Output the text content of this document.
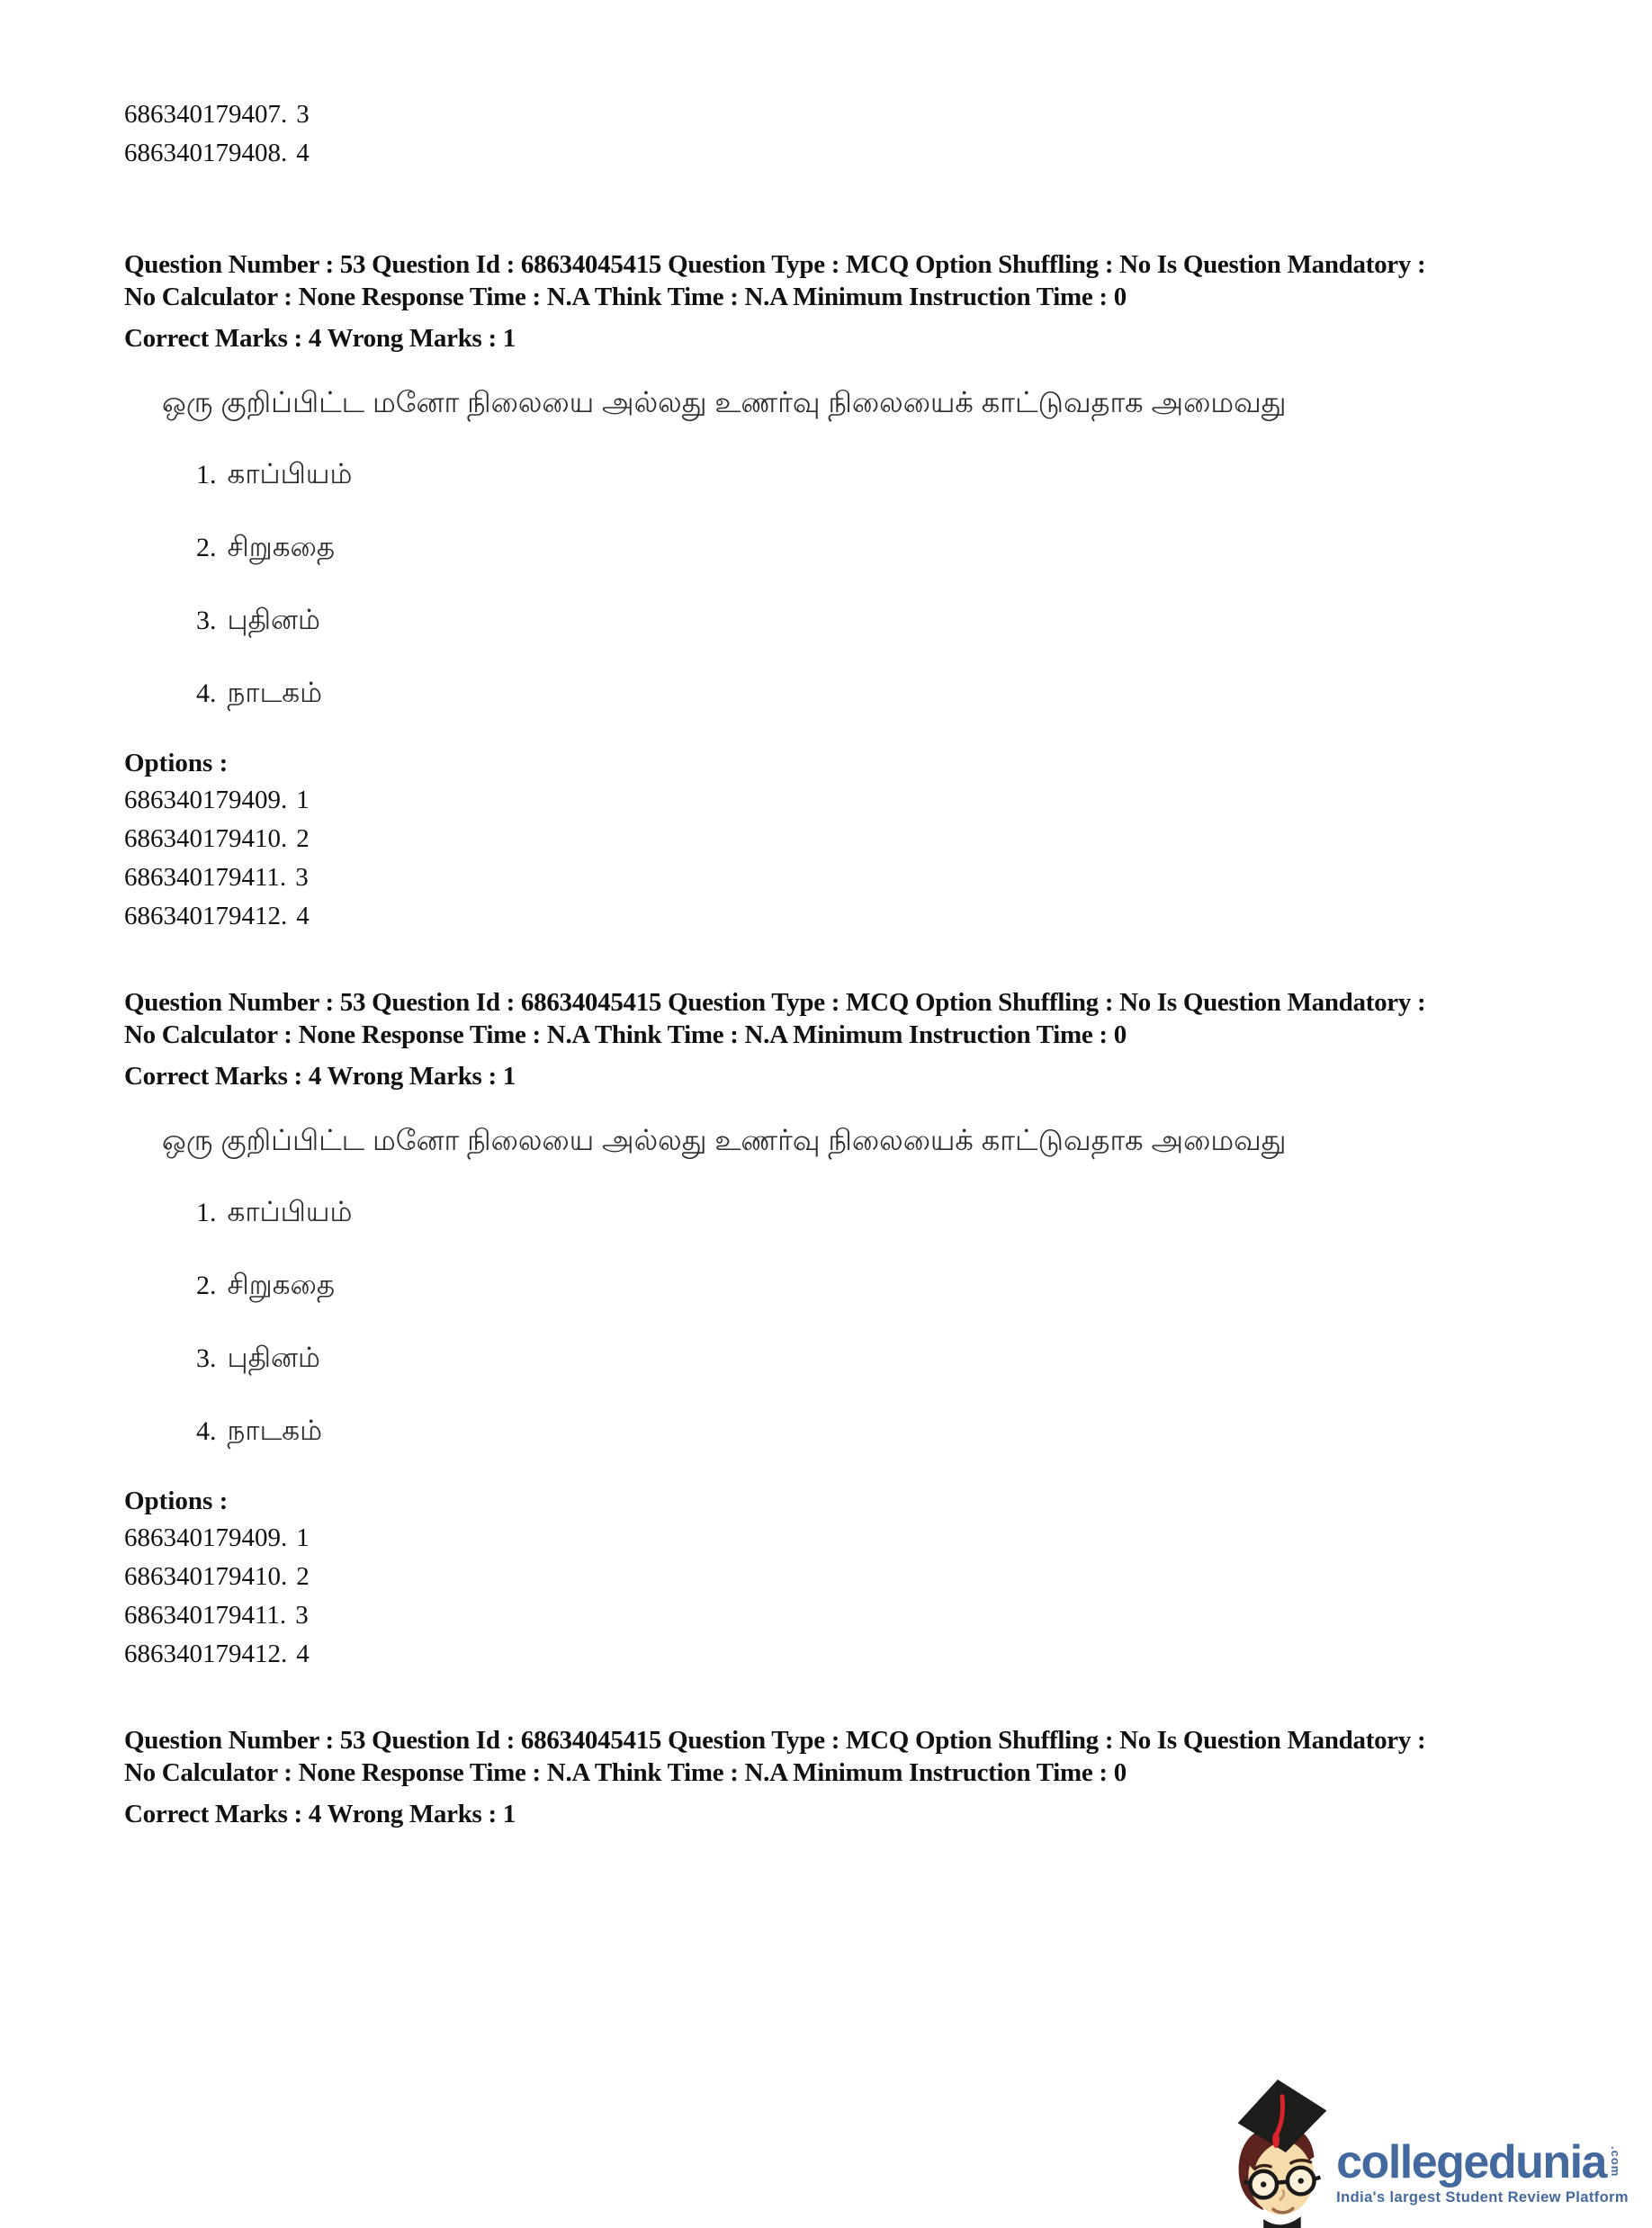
686340179407. 3
686340179408. 4
Question Number : 53 Question Id : 68634045415 Question Type : MCQ Option Shuffling : No Is Question Mandatory :
No Calculator : None Response Time : N.A Think Time : N.A Minimum Instruction Time : 0
Correct Marks : 4 Wrong Marks : 1
ஒரு குறிப்பிட்ட மனோ நிலையை அல்லது உணர்வு நிலையைக் காட்டுவதாக அமைவது
1. காப்பியம்
2. சிறுகதை
3. புதினம்
4. நாடகம்
Options :
686340179409. 1
686340179410. 2
686340179411. 3
686340179412. 4
Question Number : 53 Question Id : 68634045415 Question Type : MCQ Option Shuffling : No Is Question Mandatory :
No Calculator : None Response Time : N.A Think Time : N.A Minimum Instruction Time : 0
Correct Marks : 4 Wrong Marks : 1
ஒரு குறிப்பிட்ட மனோ நிலையை அல்லது உணர்வு நிலையைக் காட்டுவதாக அமைவது
1. காப்பியம்
2. சிறுகதை
3. புதினம்
4. நாடகம்
Options :
686340179409. 1
686340179410. 2
686340179411. 3
686340179412. 4
Question Number : 53 Question Id : 68634045415 Question Type : MCQ Option Shuffling : No Is Question Mandatory :
No Calculator : None Response Time : N.A Think Time : N.A Minimum Instruction Time : 0
Correct Marks : 4 Wrong Marks : 1
collegedunia .com
India's largest Student Review Platform
